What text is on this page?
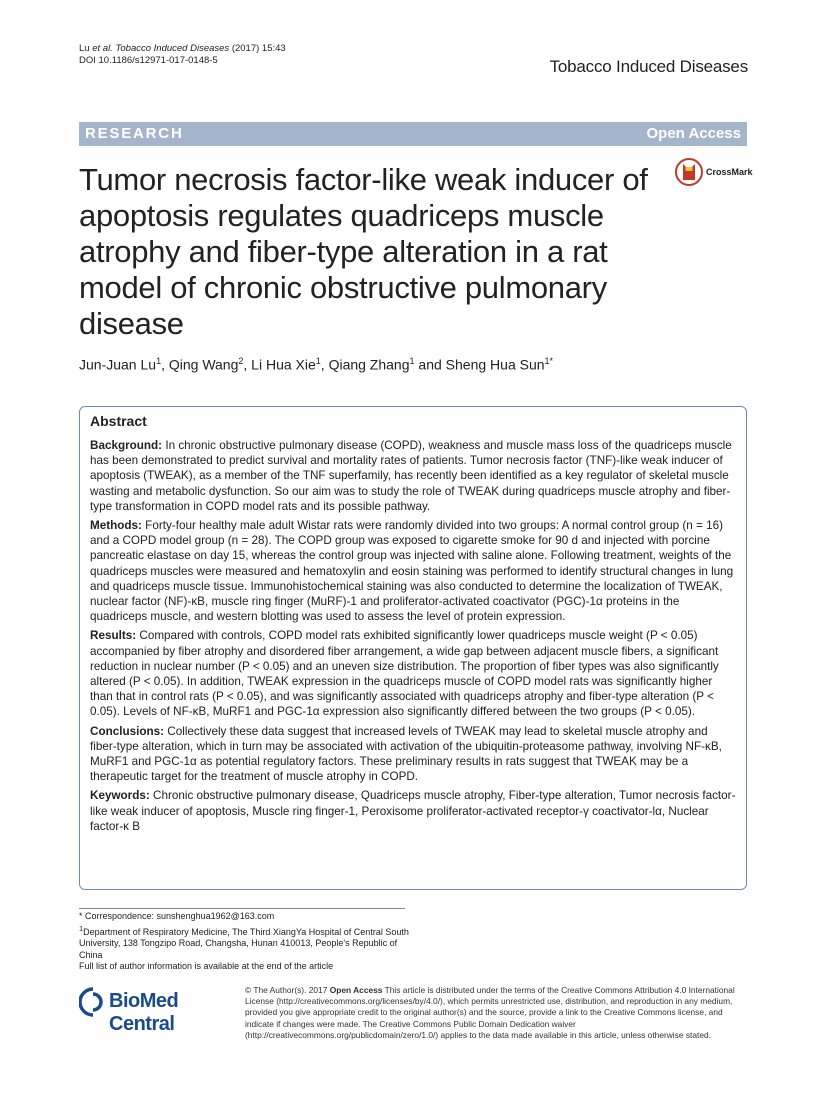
Lu et al. Tobacco Induced Diseases (2017) 15:43
DOI 10.1186/s12971-017-0148-5	Tobacco Induced Diseases
RESEARCH	Open Access
Tumor necrosis factor-like weak inducer of apoptosis regulates quadriceps muscle atrophy and fiber-type alteration in a rat model of chronic obstructive pulmonary disease
CrossMark
Jun-Juan Lu$^1$, Qing Wang$^2$, Li Hua Xie$^1$, Qiang Zhang$^1$ and Sheng Hua Sun$^{1*}$
Abstract

Background: In chronic obstructive pulmonary disease (COPD), weakness and muscle mass loss of the quadriceps muscle has been demonstrated to predict survival and mortality rates of patients. Tumor necrosis factor (TNF)-like weak inducer of apoptosis (TWEAK), as a member of the TNF superfamily, has recently been identified as a key regulator of skeletal muscle wasting and metabolic dysfunction. So our aim was to study the role of TWEAK during quadriceps muscle atrophy and fiber-type transformation in COPD model rats and its possible pathway.

Methods: Forty-four healthy male adult Wistar rats were randomly divided into two groups: A normal control group (n = 16) and a COPD model group (n = 28). The COPD group was exposed to cigarette smoke for 90 d and injected with porcine pancreatic elastase on day 15, whereas the control group was injected with saline alone. Following treatment, weights of the quadriceps muscles were measured and hematoxylin and eosin staining was performed to identify structural changes in lung and quadriceps muscle tissue. Immunohistochemical staining was also conducted to determine the localization of TWEAK, nuclear factor (NF)-κB, muscle ring finger (MuRF)-1 and proliferator-activated coactivator (PGC)-1α proteins in the quadriceps muscle, and western blotting was used to assess the level of protein expression.

Results: Compared with controls, COPD model rats exhibited significantly lower quadriceps muscle weight (P < 0.05) accompanied by fiber atrophy and disordered fiber arrangement, a wide gap between adjacent muscle fibers, a significant reduction in nuclear number (P < 0.05) and an uneven size distribution. The proportion of fiber types was also significantly altered (P < 0.05). In addition, TWEAK expression in the quadriceps muscle of COPD model rats was significantly higher than that in control rats (P < 0.05), and was significantly associated with quadriceps atrophy and fiber-type alteration (P < 0.05). Levels of NF-κB, MuRF1 and PGC-1α expression also significantly differed between the two groups (P < 0.05).

Conclusions: Collectively these data suggest that increased levels of TWEAK may lead to skeletal muscle atrophy and fiber-type alteration, which in turn may be associated with activation of the ubiquitin-proteasome pathway, involving NF-κB, MuRF1 and PGC-1α as potential regulatory factors. These preliminary results in rats suggest that TWEAK may be a therapeutic target for the treatment of muscle atrophy in COPD.

Keywords: Chronic obstructive pulmonary disease, Quadriceps muscle atrophy, Fiber-type alteration, Tumor necrosis factor-like weak inducer of apoptosis, Muscle ring finger-1, Peroxisome proliferator-activated receptor-γ coactivator-lα, Nuclear factor-κ B

* Correspondence: sunshenghua1962@163.com
$^1$Department of Respiratory Medicine, The Third XiangYa Hospital of Central South University, 138 Tongzipo Road, Changsha, Hunan 410013, People's Republic of China
Full list of author information is available at the end of the article
BioMed Central
© The Author(s). 2017 Open Access This article is distributed under the terms of the Creative Commons Attribution 4.0 International License (http://creativecommons.org/licenses/by/4.0/), which permits unrestricted use, distribution, and reproduction in any medium, provided you give appropriate credit to the original author(s) and the source, provide a link to the Creative Commons license, and indicate if changes were made. The Creative Commons Public Domain Dedication waiver (http://creativecommons.org/publicdomain/zero/1.0/) applies to the data made available in this article, unless otherwise stated.
